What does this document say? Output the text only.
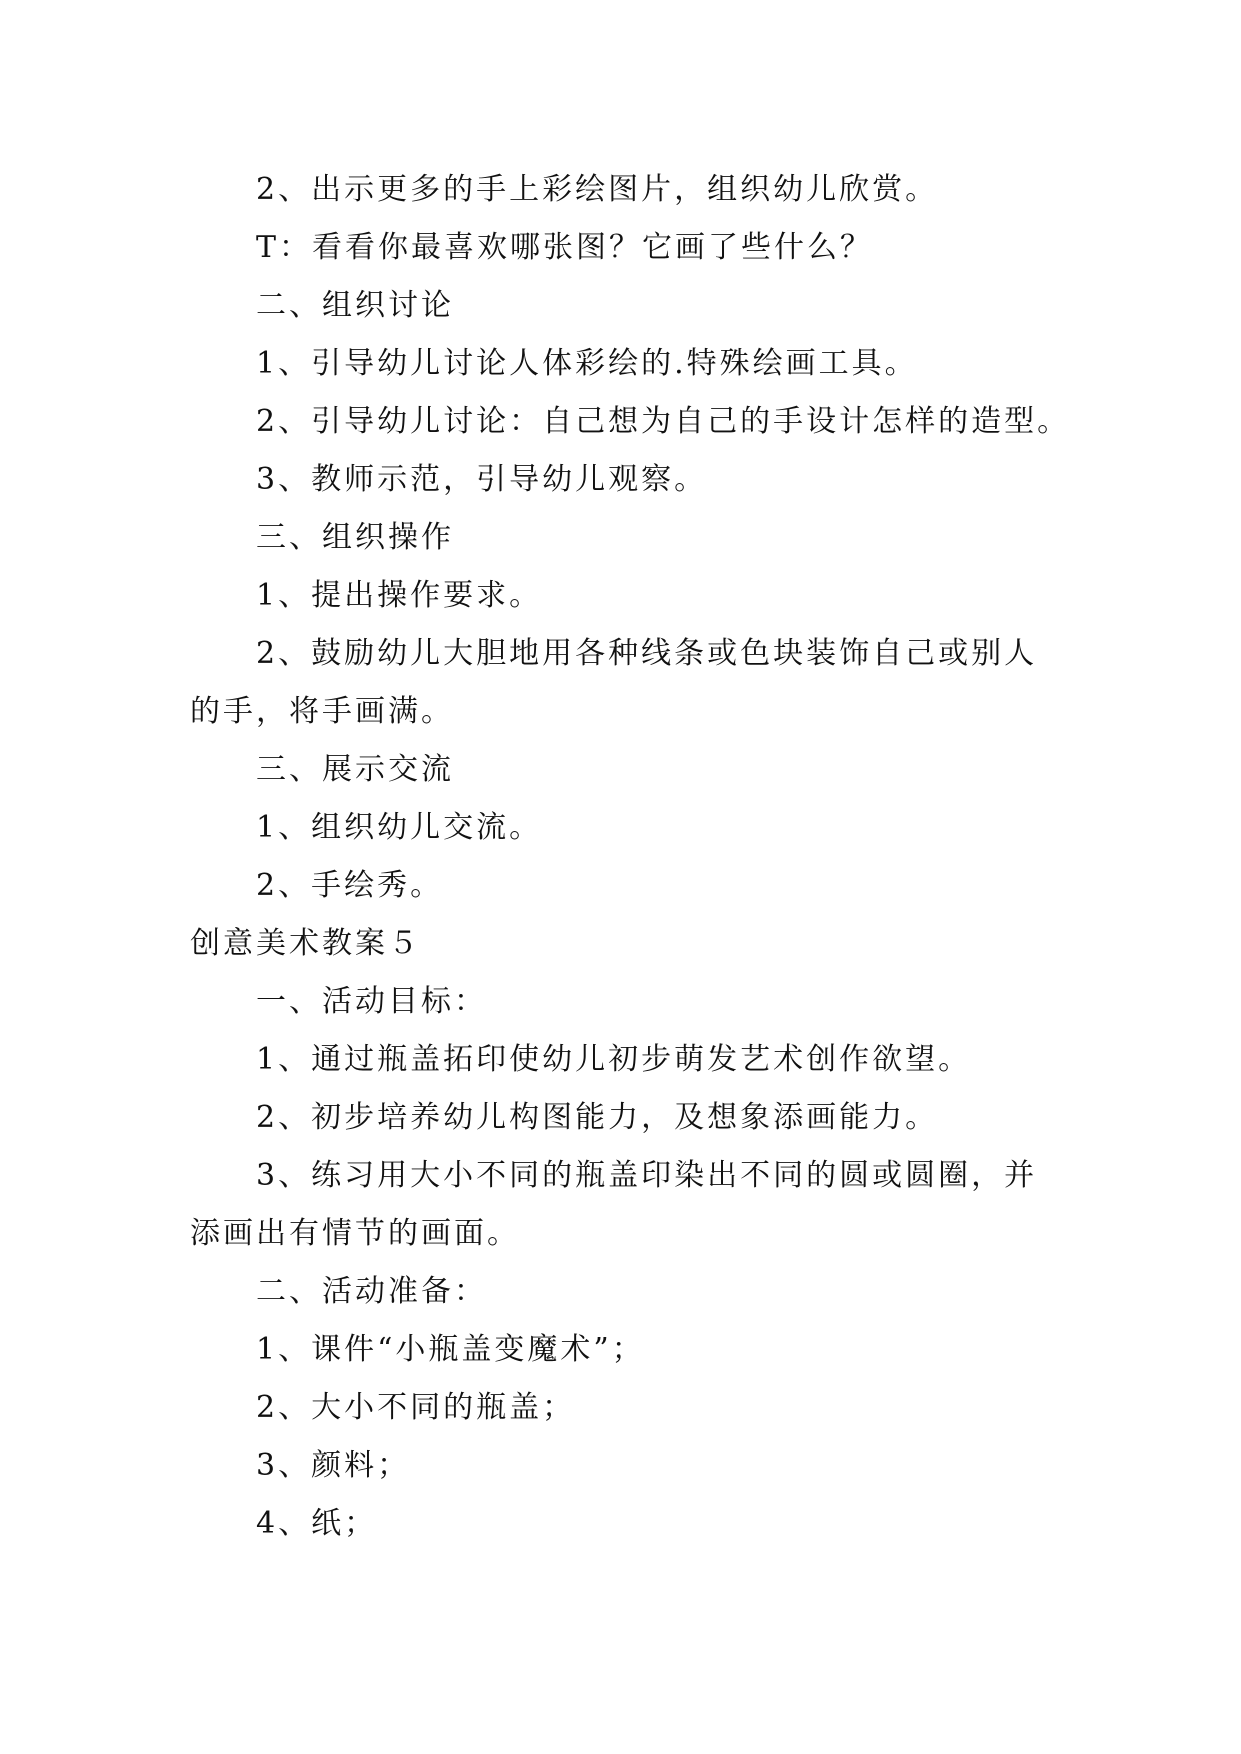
2、出示更多的手上彩绘图片，组织幼儿欣赏。
T：看看你最喜欢哪张图？它画了些什么？
二、组织讨论
1、引导幼儿讨论人体彩绘的.特殊绘画工具。
2、引导幼儿讨论：自己想为自己的手设计怎样的造型。
3、教师示范，引导幼儿观察。
三、组织操作
1、提出操作要求。
2、鼓励幼儿大胆地用各种线条或色块装饰自己或别人
的手，将手画满。
三、展示交流
1、组织幼儿交流。
2、手绘秀。
创意美术教案５
一、活动目标：
1、通过瓶盖拓印使幼儿初步萌发艺术创作欲望。
2、初步培养幼儿构图能力，及想象添画能力。
3、练习用大小不同的瓶盖印染出不同的圆或圆圈，并
添画出有情节的画面。
二、活动准备：
1、课件“小瓶盖变魔术”；
2、大小不同的瓶盖；
3、颜料；
4、纸；
